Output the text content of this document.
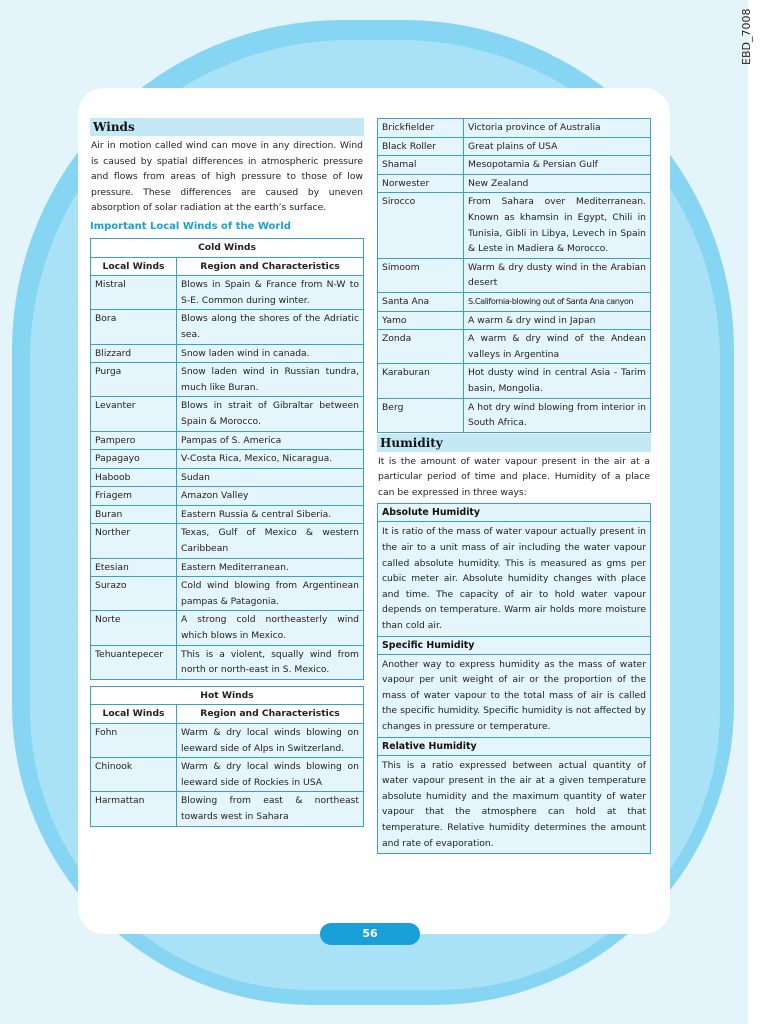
EBD_7008
Winds

Air in motion called wind can move in any direction. Wind is caused by spatial differences in atmospheric pressure and flows from areas of high pressure to those of low pressure. These differences are caused by uneven absorption of solar radiation at the earth’s surface.

Important Local Winds of the World
Cold Winds	
Local Winds	Region and Characteristics
Mistral	Blows in Spain & France from N-W to S-E. Common during winter.
Bora	Blows along the shores of the Adriatic sea.
Blizzard	Snow laden wind in canada.
Purga	Snow laden wind in Russian tundra, much like Buran.
Levanter	Blows in strait of Gibraltar between Spain & Morocco.
Pampero	Pampas of S. America
Papagayo	V-Costa Rica, Mexico, Nicaragua.
Haboob	Sudan
Friagem	Amazon Valley
Buran	Eastern Russia & central Siberia.
Norther	Texas, Gulf of Mexico & western Caribbean
Etesian	Eastern Mediterranean.
Surazo	Cold wind blowing from Argentinean pampas & Patagonia.
Norte	A strong cold northeasterly wind which blows in Mexico.
Tehuantepecer	This is a violent, squally wind from north or north-east in S. Mexico.
Hot Winds	
Local Winds	Region and Characteristics
Fohn	Warm & dry local winds blowing on leeward side of Alps in Switzerland.
Chinook	Warm & dry local winds blowing on leeward side of Rockies in USA
Harmattan	Blowing from east & northeast towards west in Sahara
Brickfielder	Victoria province of Australia
Black Roller	Great plains of USA
Shamal	Mesopotamia & Persian Gulf
Norwester	New Zealand
Sirocco	From Sahara over Mediterranean. Known as khamsin in Egypt, Chili in Tunisia, Gibli in Libya, Levech in Spain & Leste in Madiera & Morocco.
Simoom	Warm & dry dusty wind in the Arabian desert
Santa Ana	S.California-blowing out of Santa Ana canyon
Yamo	A warm & dry wind in Japan
Zonda	A warm & dry wind of the Andean valleys in Argentina
Karaburan	Hot dusty wind in central Asia - Tarim basin, Mongolia.
Berg	A hot dry wind blowing from interior in South Africa.
Humidity

It is the amount of water vapour present in the air at a particular period of time and place. Humidity of a place can be expressed in three ways:

Absolute Humidity
It is ratio of the mass of water vapour actually present in the air to a unit mass of air including the water vapour called absolute humidity. This is measured as gms per cubic meter air. Absolute humidity changes with place and time. The capacity of air to hold water vapour depends on temperature. Warm air holds more moisture than cold air.
Specific Humidity
Another way to express humidity as the mass of water vapour per unit weight of air or the proportion of the mass of water vapour to the total mass of air is called the specific humidity. Specific humidity is not affected by changes in pressure or temperature.
Relative Humidity
This is a ratio expressed between actual quantity of water vapour present in the air at a given temperature absolute humidity and the maximum quantity of water vapour that the atmosphere can hold at that temperature. Relative humidity determines the amount and rate of evaporation.
56
